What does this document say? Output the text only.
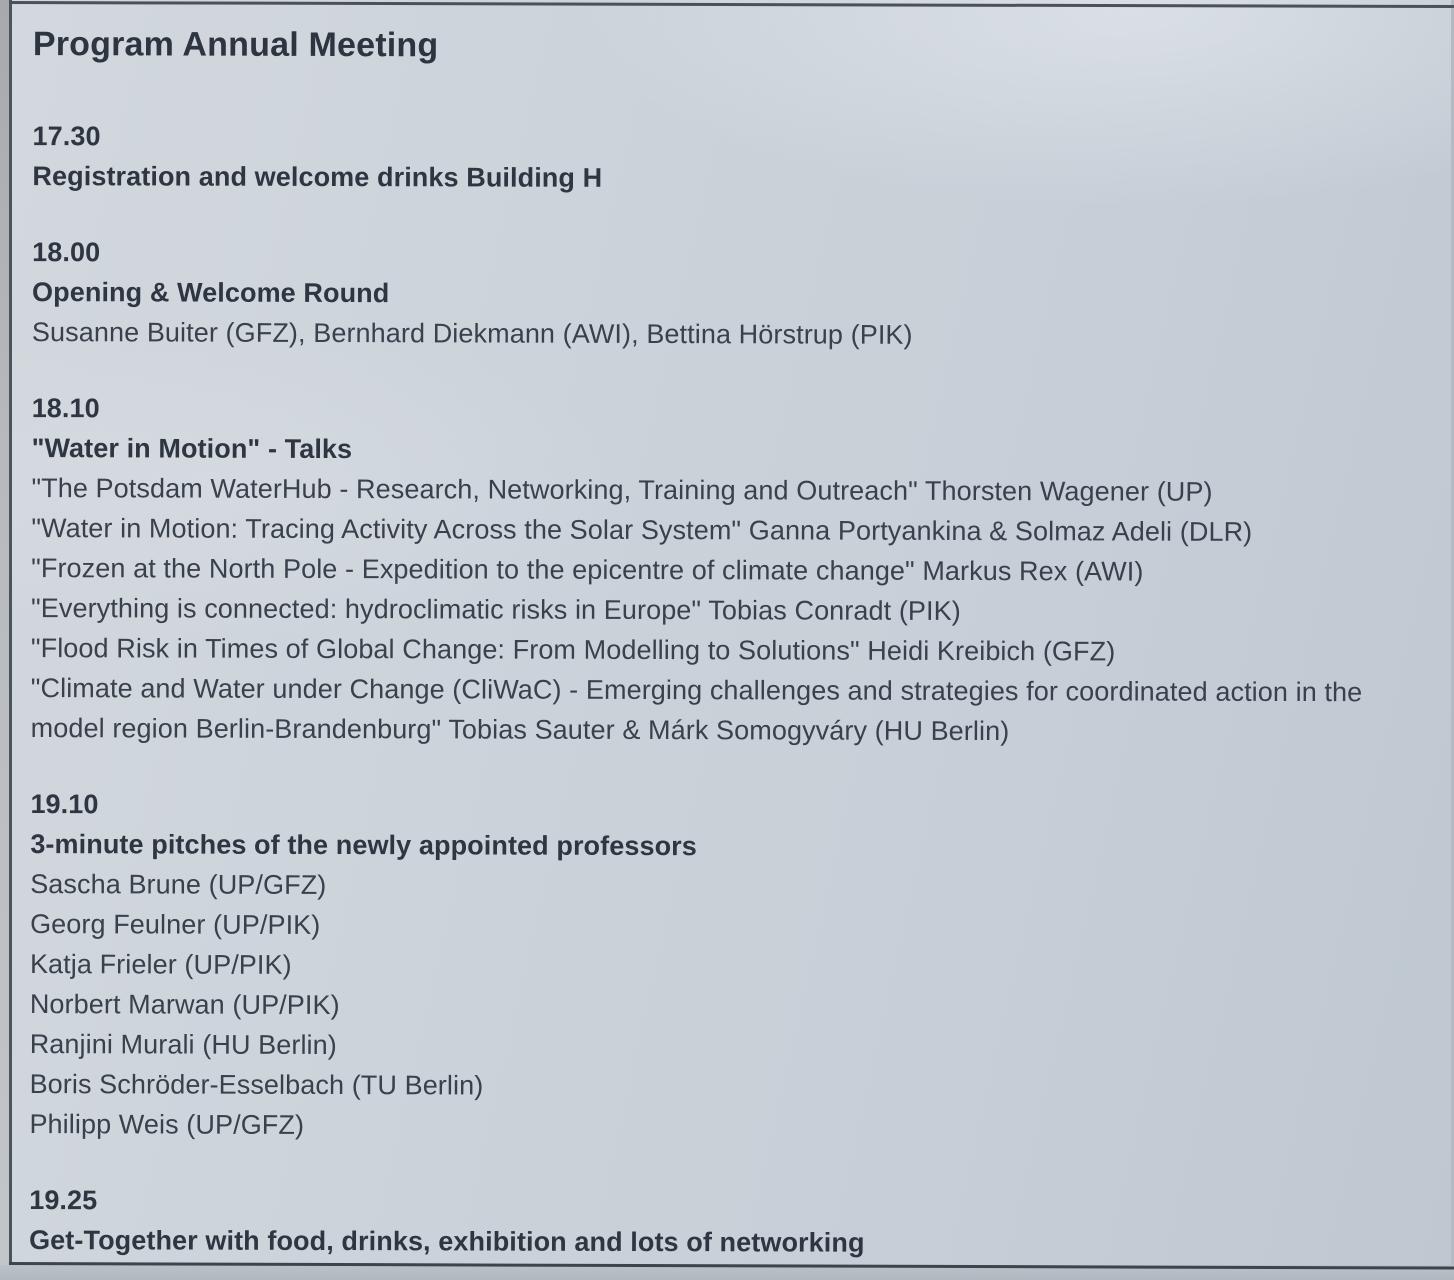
Program Annual Meeting
17.30
Registration and welcome drinks Building H
18.00
Opening & Welcome Round
Susanne Buiter (GFZ), Bernhard Diekmann (AWI), Bettina Hörstrup (PIK)
18.10
"Water in Motion" - Talks
"The Potsdam WaterHub - Research, Networking, Training and Outreach" Thorsten Wagener (UP)
"Water in Motion: Tracing Activity Across the Solar System" Ganna Portyankina & Solmaz Adeli (DLR)
"Frozen at the North Pole - Expedition to the epicentre of climate change" Markus Rex (AWI)
"Everything is connected: hydroclimatic risks in Europe" Tobias Conradt (PIK)
"Flood Risk in Times of Global Change: From Modelling to Solutions" Heidi Kreibich (GFZ)
"Climate and Water under Change (CliWaC) - Emerging challenges and strategies for coordinated action in the model region Berlin-Brandenburg" Tobias Sauter & Márk Somogyváry (HU Berlin)
19.10
3-minute pitches of the newly appointed professors
Sascha Brune (UP/GFZ)
Georg Feulner (UP/PIK)
Katja Frieler (UP/PIK)
Norbert Marwan (UP/PIK)
Ranjini Murali (HU Berlin)
Boris Schröder-Esselbach (TU Berlin)
Philipp Weis (UP/GFZ)
19.25
Get-Together with food, drinks, exhibition and lots of networking
